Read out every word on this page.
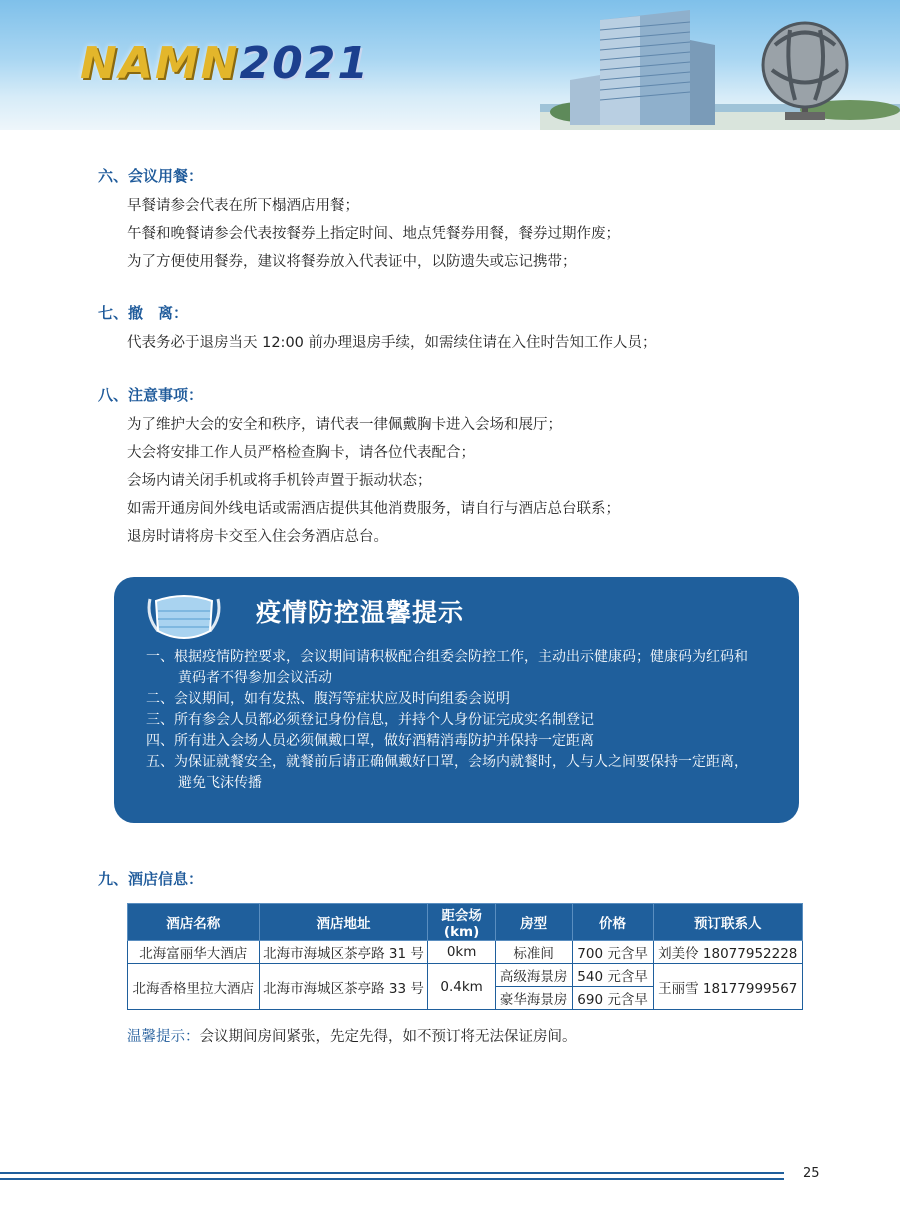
NAMN2021
六、会议用餐：
早餐请参会代表在所下榻酒店用餐；
午餐和晚餐请参会代表按餐券上指定时间、地点凭餐券用餐，餐券过期作废；
为了方便使用餐券，建议将餐券放入代表证中，以防遗失或忘记携带；
七、撤　离：
代表务必于退房当天 12:00 前办理退房手续，如需续住请在入住时告知工作人员；
八、注意事项：
为了维护大会的安全和秩序，请代表一律佩戴胸卡进入会场和展厅；
大会将安排工作人员严格检查胸卡，请各位代表配合；
会场内请关闭手机或将手机铃声置于振动状态；
如需开通房间外线电话或需酒店提供其他消费服务，请自行与酒店总台联系；
退房时请将房卡交至入住会务酒店总台。
疫情防控温馨提示
一、根据疫情防控要求，会议期间请积极配合组委会防控工作，主动出示健康码；健康码为红码和黄码者不得参加会议活动
二、会议期间，如有发热、腹泻等症状应及时向组委会说明
三、所有参会人员都必须登记身份信息，并持个人身份证完成实名制登记
四、所有进入会场人员必须佩戴口罩，做好酒精消毒防护并保持一定距离
五、为保证就餐安全，就餐前后请正确佩戴好口罩，会场内就餐时，人与人之间要保持一定距离，避免飞沫传播
九、酒店信息：
酒店名称	酒店地址	距会场 (km)	房型	价格	预订联系人
北海富丽华大酒店	北海市海城区茶亭路 31 号	0km	标准间	700 元含早	刘美伶 18077952228
北海香格里拉大酒店	北海市海城区茶亭路 33 号	0.4km	高级海景房	540 元含早	王丽雪 18177999567
			豪华海景房	690 元含早	
温馨提示：会议期间房间紧张，先定先得，如不预订将无法保证房间。
25
